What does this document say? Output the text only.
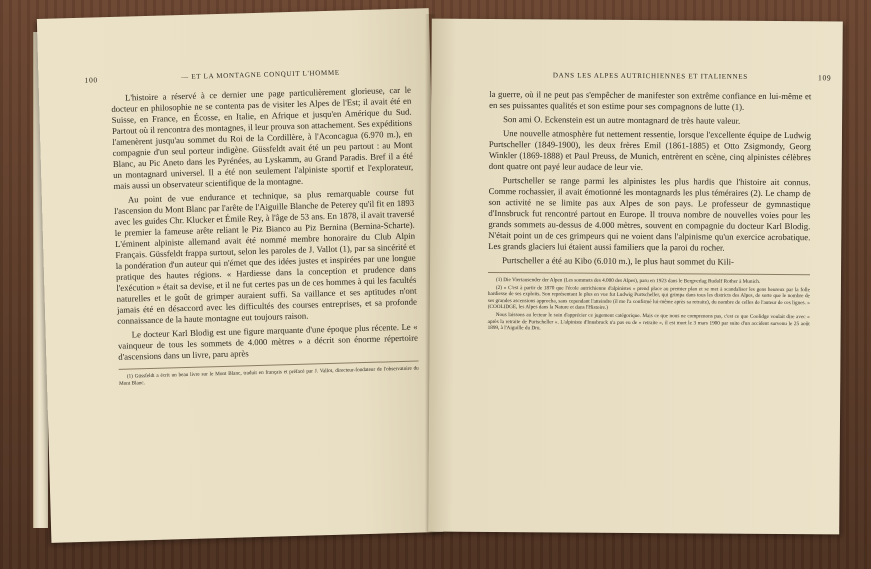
100	— ET LA MONTAGNE CONQUIT L'HOMME

L'histoire a réservé à ce dernier une page particulièrement glorieuse, car le docteur en philosophie ne se contenta pas de visiter les Alpes de l'Est; il avait été en Suisse, en France, en Écosse, en Italie, en Afrique et jusqu'en Amérique du Sud. Partout où il rencontra des montagnes, il leur prouva son attachement. Ses expéditions l'amenèrent jusqu'au sommet du Roi de la Cordillère, à l'Aconcagua (6.970 m.), en compagnie d'un seul porteur indigène. Güssfeldt avait été un peu partout : au Mont Blanc, au Pic Aneto dans les Pyrénées, au Lyskamm, au Grand Paradis. Bref il a été un montagnard universel. Il a été non seulement l'alpiniste sportif et l'explorateur, mais aussi un observateur scientifique de la montagne.

Au point de vue endurance et technique, sa plus remarquable course fut l'ascension du Mont Blanc par l'arête de l'Aiguille Blanche de Peterey qu'il fit en 1893 avec les guides Chr. Klucker et Émile Rey, à l'âge de 53 ans. En 1878, il avait traversé le premier la fameuse arête reliant le Piz Bianco au Piz Bernina (Bernina-Scharte). L'éminent alpiniste allemand avait été nommé membre honoraire du Club Alpin Français. Güssfeldt frappa surtout, selon les paroles de J. Vallot (1), par sa sincérité et la pondération d'un auteur qui n'émet que des idées justes et inspirées par une longue pratique des hautes régions. « Hardiesse dans la conception et prudence dans l'exécution » était sa devise, et il ne fut certes pas un de ces hommes à qui les facultés naturelles et le goût de grimper auraient suffi. Sa vaillance et ses aptitudes n'ont jamais été en désaccord avec les difficultés des courses entreprises, et sa profonde connaissance de la haute montagne eut toujours raison.

Le docteur Karl Blodig est une figure marquante d'une époque plus récente. Le « vainqueur de tous les sommets de 4.000 mètres » a décrit son énorme répertoire d'ascensions dans un livre, paru après

(1) Güssfeldt a écrit un beau livre sur le Mont Blanc, traduit en français et préfacé par J. Vallot, directeur-fondateur de l'observatoire du Mont Blanc.

DANS LES ALPES AUTRICHIENNES ET ITALIENNES	109

la guerre, où il ne peut pas s'empêcher de manifester son extrême confiance en lui-même et en ses puissantes qualités et son estime pour ses compagnons de lutte (1).

Son ami O. Eckenstein est un autre montagnard de très haute valeur.

Une nouvelle atmosphère fut nettement ressentie, lorsque l'excellente équipe de Ludwig Purtscheller (1849-1900), les deux frères Emil (1861-1885) et Otto Zsigmondy, Georg Winkler (1869-1888) et Paul Preuss, de Munich, entrèrent en scène, cinq alpinistes célèbres dont quatre ont payé leur audace de leur vie.

Purtscheller se range parmi les alpinistes les plus hardis que l'histoire ait connus. Comme rochassier, il avait émotionné les montagnards les plus téméraires (2). Le champ de son activité ne se limite pas aux Alpes de son pays. Le professeur de gymnastique d'Innsbruck fut rencontré partout en Europe. Il trouva nombre de nouvelles voies pour les grands sommets au-dessus de 4.000 mètres, souvent en compagnie du docteur Karl Blodig. N'était point un de ces grimpeurs qui ne voient dans l'alpinisme qu'un exercice acrobatique. Les grands glaciers lui étaient aussi familiers que la paroi du rocher.

Purtscheller a été au Kibo (6.010 m.), le plus haut sommet du Kili-

(1) Die Viertausender der Alpen (Les sommets des 4.000 des Alpes), paru en 1923 dans le Bergverlag Rudolf Rother à Munich.

(2) « C'est à partir de 1870 que l'école autrichienne d'alpinistes » prend place au premier plan et se met à scandaliser les gens heureux par la folle hardiesse de ses exploits. Son représentant le plus en vue fut Ludwig Purtscheller, qui grimpa dans tous les districts des Alpes, de sorte que le nombre de ses grandes ascensions approcha, sans cependant l'atteindre (il me l'a confirmé lui-même après sa retraite), du nombre de celles de l'auteur de ces lignes. » (COOLIDGE, les Alpes dans la Nature et dans l'Histoire.)

Nous laissons au lecteur le soin d'apprécier ce jugement catégorique. Mais ce que nous ne comprenons pas, c'est ce que Coolidge voulait dire avec « après la retraite de Purtscheller ». L'alpiniste d'Innsbruck n'a pas eu de « retraite », il est mort le 3 mars 1900 par suite d'un accident survenu le 25 août 1899, à l'Aiguille du Dru.
